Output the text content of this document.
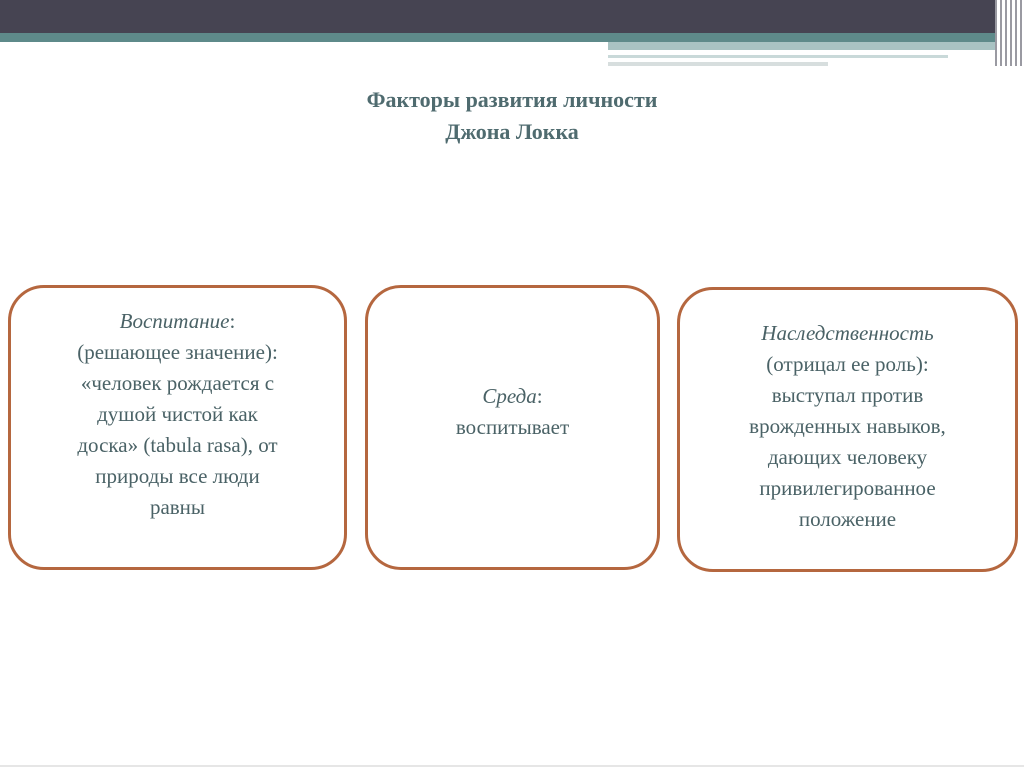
Факторы развития личности
Джона Локка
Воспитание:
(решающее значение):
«человек рождается с
душой чистой как
доска» (tabula rasa), от
природы все люди
равны
Среда:
воспитывает
Наследственность
(отрицал ее роль):
выступал против
врожденных навыков,
дающих человеку
привилегированное
положение
